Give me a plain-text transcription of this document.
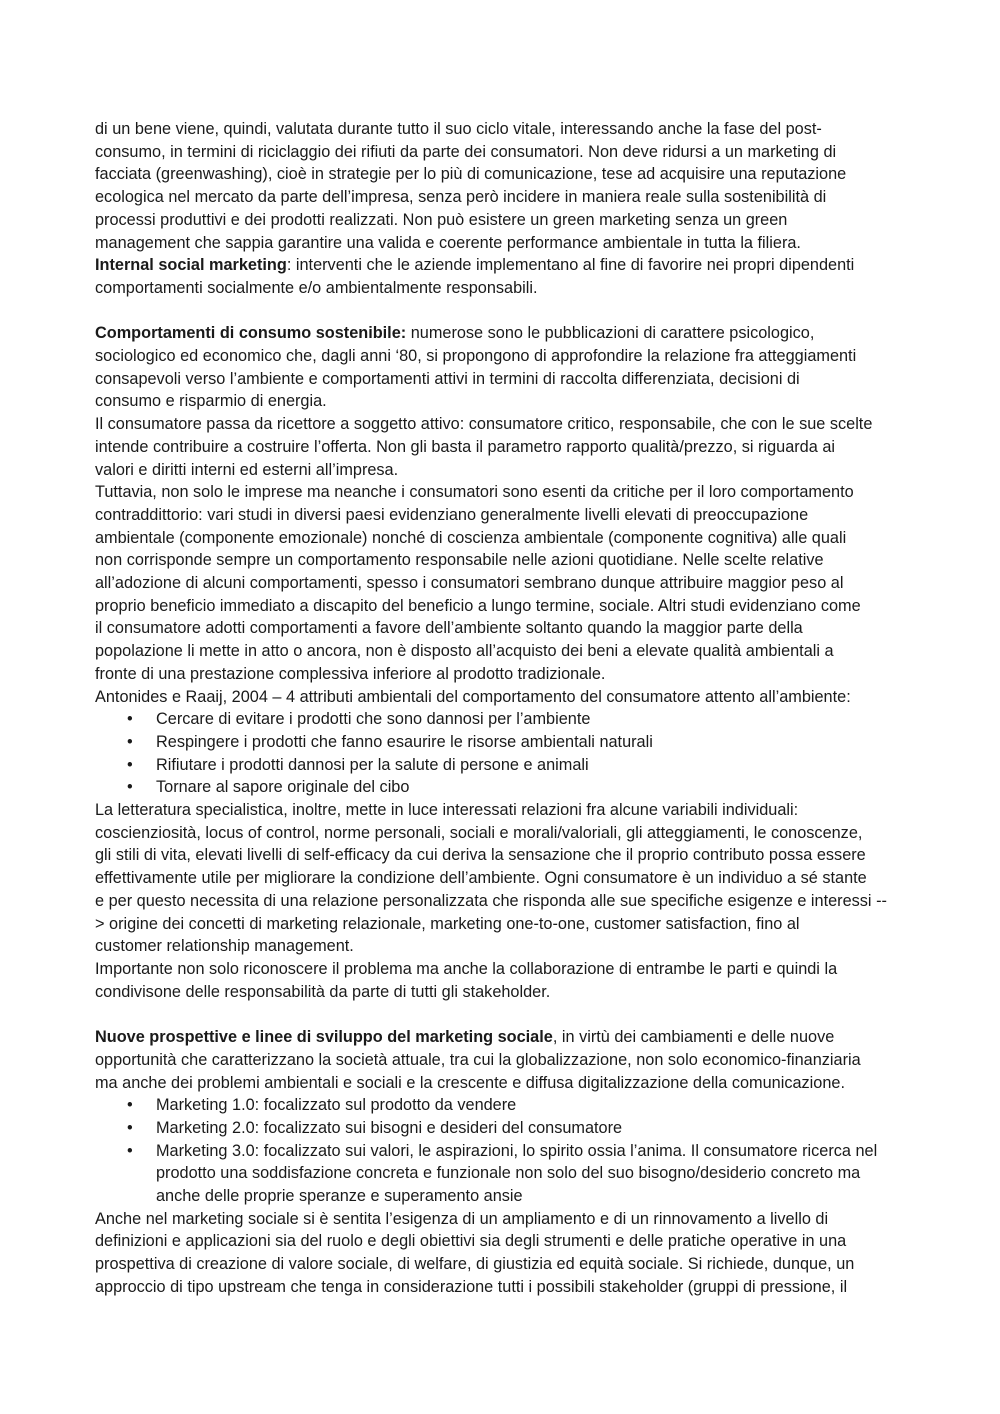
di un bene viene, quindi, valutata durante tutto il suo ciclo vitale, interessando anche la fase del post-
consumo, in termini di riciclaggio dei rifiuti da parte dei consumatori. Non deve ridursi a un marketing di
facciata (greenwashing), cioè in strategie per lo più di comunicazione, tese ad acquisire una reputazione
ecologica nel mercato da parte dell’impresa, senza però incidere in maniera reale sulla sostenibilità di
processi produttivi e dei prodotti realizzati. Non può esistere un green marketing senza un green
management che sappia garantire una valida e coerente performance ambientale in tutta la filiera.

Internal social marketing: interventi che le aziende implementano al fine di favorire nei propri dipendenti
comportamenti socialmente e/o ambientalmente responsabili.

Comportamenti di consumo sostenibile: numerose sono le pubblicazioni di carattere psicologico,
sociologico ed economico che, dagli anni ‘80, si propongono di approfondire la relazione fra atteggiamenti
consapevoli verso l’ambiente e comportamenti attivi in termini di raccolta differenziata, decisioni di
consumo e risparmio di energia.

Il consumatore passa da ricettore a soggetto attivo: consumatore critico, responsabile, che con le sue scelte
intende contribuire a costruire l’offerta. Non gli basta il parametro rapporto qualità/prezzo, si riguarda ai
valori e diritti interni ed esterni all’impresa.

Tuttavia, non solo le imprese ma neanche i consumatori sono esenti da critiche per il loro comportamento
contraddittorio: vari studi in diversi paesi evidenziano generalmente livelli elevati di preoccupazione
ambientale (componente emozionale) nonché di coscienza ambientale (componente cognitiva) alle quali
non corrisponde sempre un comportamento responsabile nelle azioni quotidiane. Nelle scelte relative
all’adozione di alcuni comportamenti, spesso i consumatori sembrano dunque attribuire maggior peso al
proprio beneficio immediato a discapito del beneficio a lungo termine, sociale. Altri studi evidenziano come
il consumatore adotti comportamenti a favore dell’ambiente soltanto quando la maggior parte della
popolazione li mette in atto o ancora, non è disposto all’acquisto dei beni a elevate qualità ambientali a
fronte di una prestazione complessiva inferiore al prodotto tradizionale.

Antonides e Raaij, 2004 – 4 attributi ambientali del comportamento del consumatore attento all’ambiente:

• Cercare di evitare i prodotti che sono dannosi per l’ambiente
• Respingere i prodotti che fanno esaurire le risorse ambientali naturali
• Rifiutare i prodotti dannosi per la salute di persone e animali
• Tornare al sapore originale del cibo

La letteratura specialistica, inoltre, mette in luce interessati relazioni fra alcune variabili individuali:
coscienziosità, locus of control, norme personali, sociali e morali/valoriali, gli atteggiamenti, le conoscenze,
gli stili di vita, elevati livelli di self-efficacy da cui deriva la sensazione che il proprio contributo possa essere
effettivamente utile per migliorare la condizione dell’ambiente. Ogni consumatore è un individuo a sé stante
e per questo necessita di una relazione personalizzata che risponda alle sue specifiche esigenze e interessi --
> origine dei concetti di marketing relazionale, marketing one-to-one, customer satisfaction, fino al
customer relationship management.

Importante non solo riconoscere il problema ma anche la collaborazione di entrambe le parti e quindi la
condivisone delle responsabilità da parte di tutti gli stakeholder.

Nuove prospettive e linee di sviluppo del marketing sociale, in virtù dei cambiamenti e delle nuove
opportunità che caratterizzano la società attuale, tra cui la globalizzazione, non solo economico-finanziaria
ma anche dei problemi ambientali e sociali e la crescente e diffusa digitalizzazione della comunicazione.

• Marketing 1.0: focalizzato sul prodotto da vendere
• Marketing 2.0: focalizzato sui bisogni e desideri del consumatore
• Marketing 3.0: focalizzato sui valori, le aspirazioni, lo spirito ossia l’anima. Il consumatore ricerca nel
prodotto una soddisfazione concreta e funzionale non solo del suo bisogno/desiderio concreto ma
anche delle proprie speranze e superamento ansie

Anche nel marketing sociale si è sentita l’esigenza di un ampliamento e di un rinnovamento a livello di
definizioni e applicazioni sia del ruolo e degli obiettivi sia degli strumenti e delle pratiche operative in una
prospettiva di creazione di valore sociale, di welfare, di giustizia ed equità sociale. Si richiede, dunque, un
approccio di tipo upstream che tenga in considerazione tutti i possibili stakeholder (gruppi di pressione, il
